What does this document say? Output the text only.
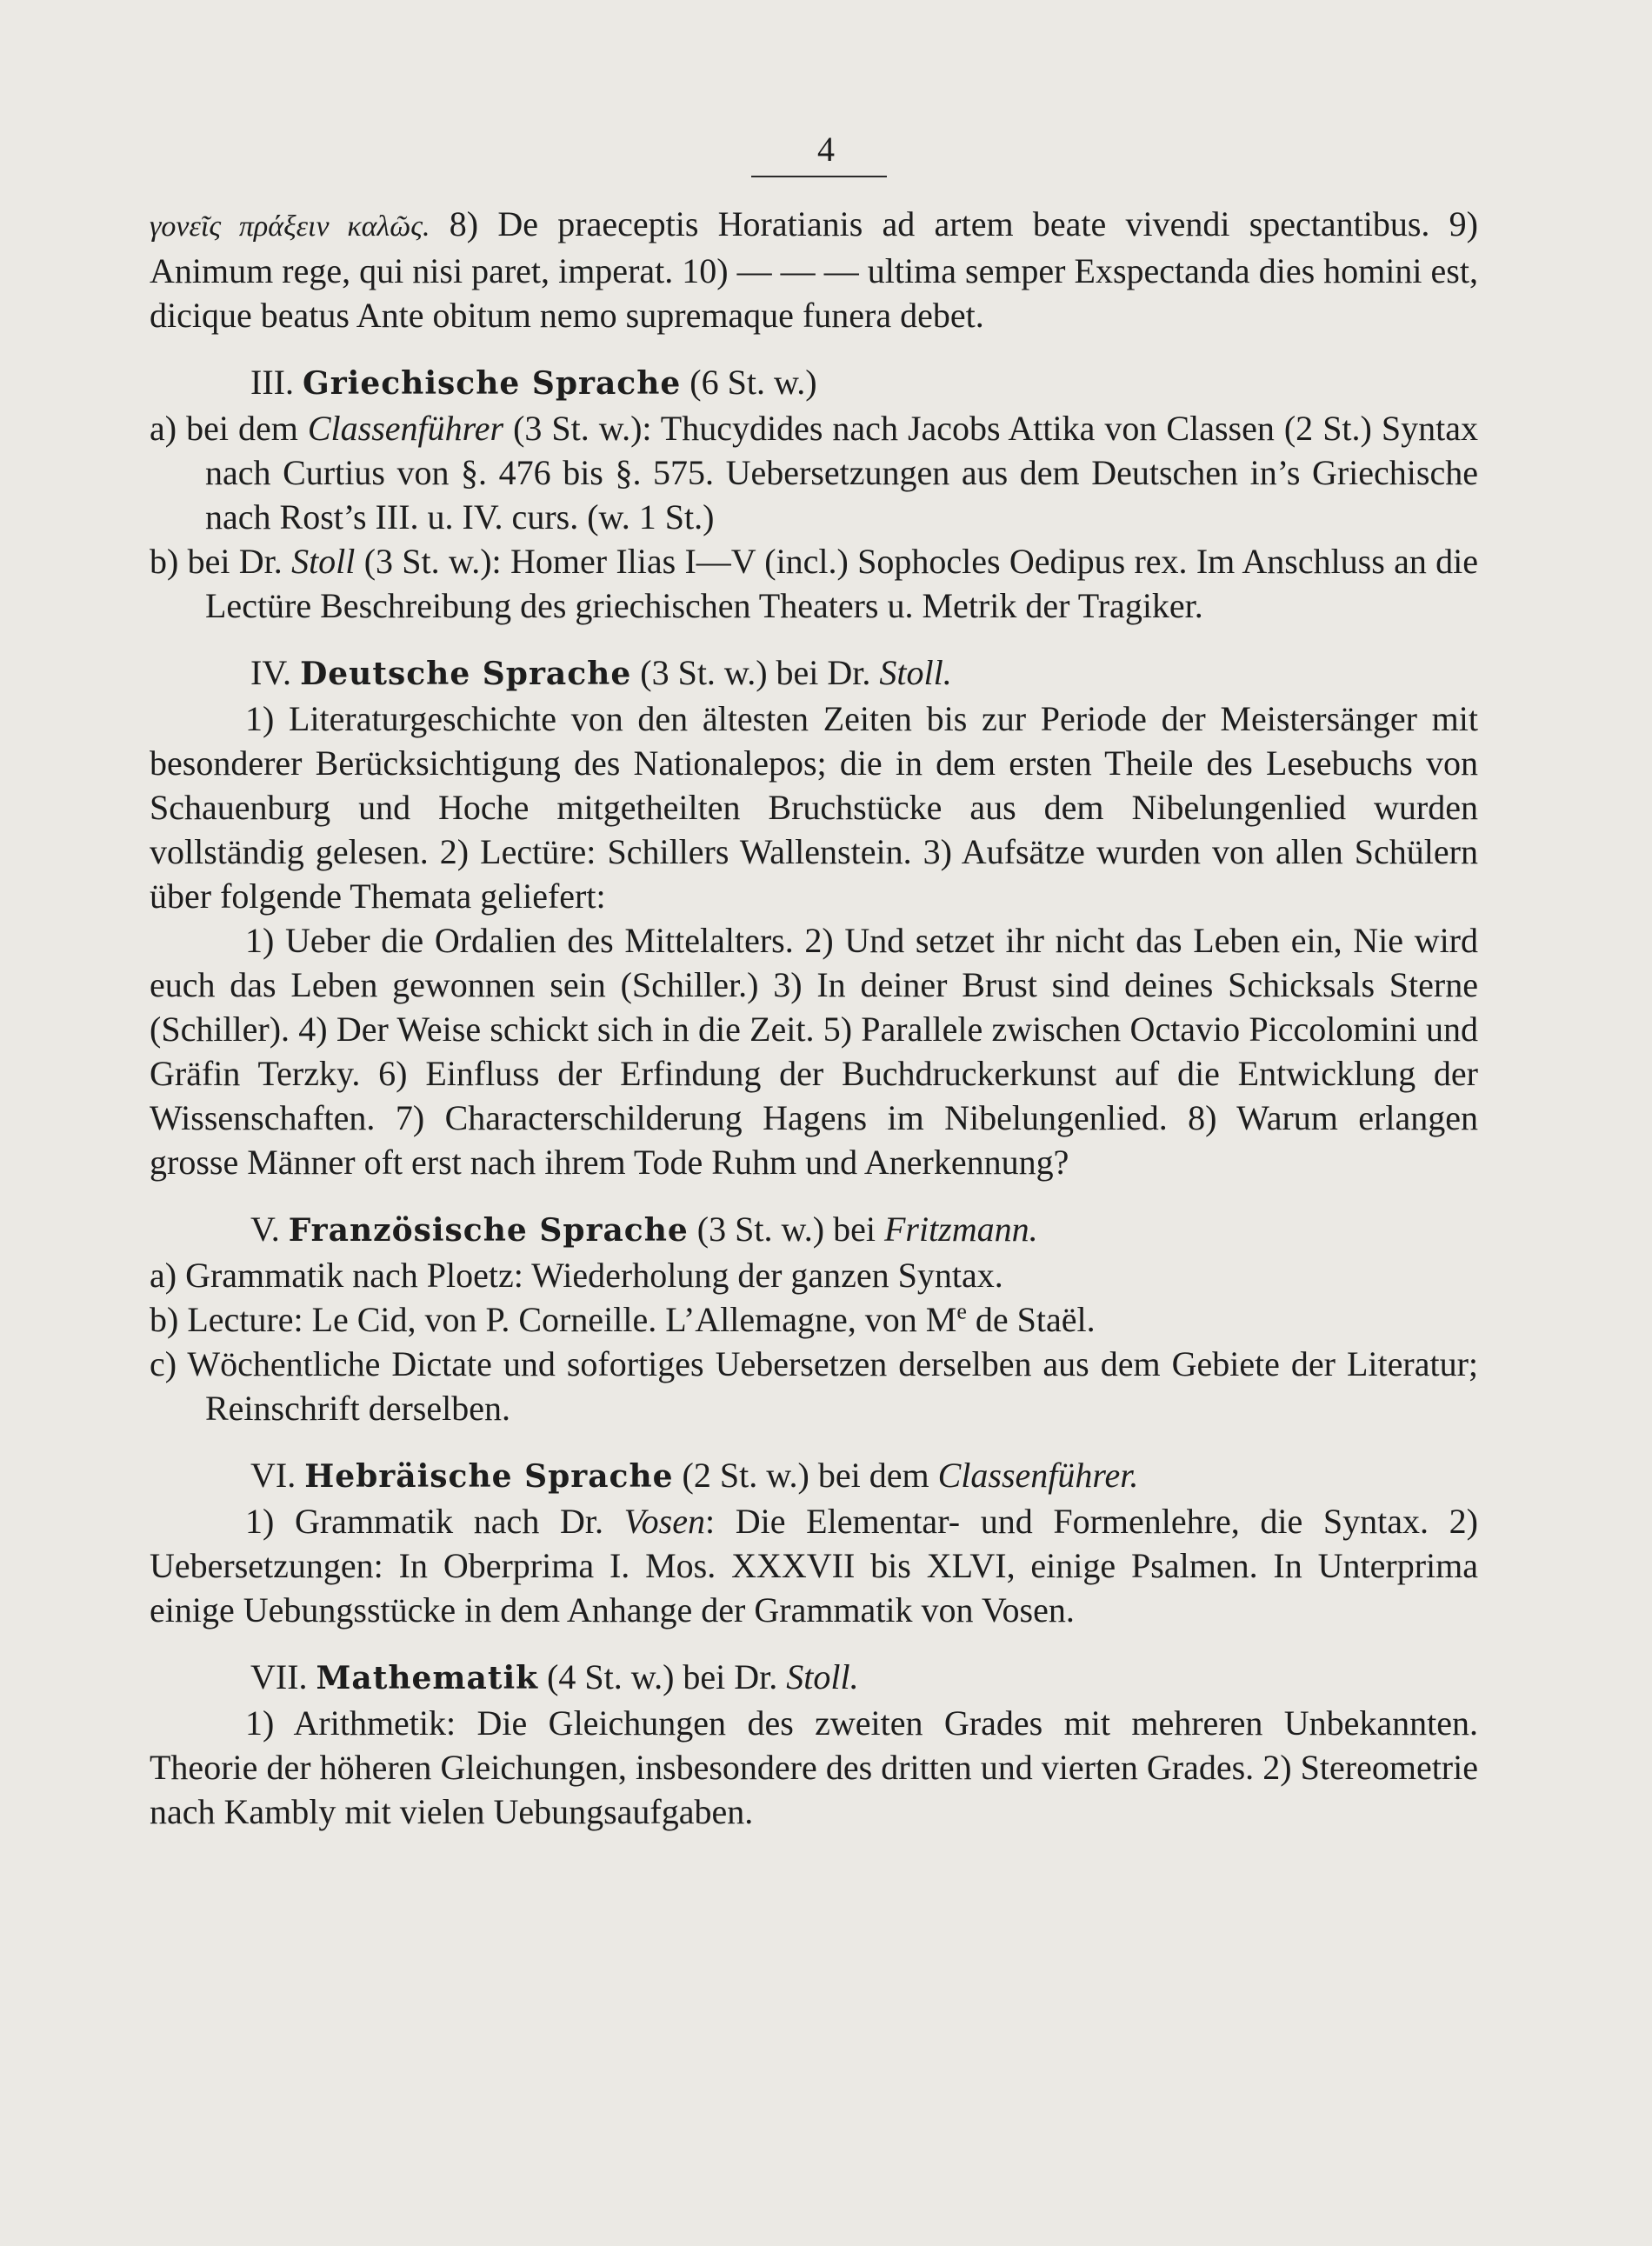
4

γονεῖς πράξειν καλῶς. 8) De praeceptis Horatianis ad artem beate vivendi spectantibus. 9) Animum rege, qui nisi paret, imperat. 10) — — — ultima semper Exspectanda dies homini est, dicique beatus Ante obitum nemo supremaque funera debet.

III. Griechische Sprache (6 St. w.)

a) bei dem Classenführer (3 St. w.): Thucydides nach Jacobs Attika von Classen (2 St.) Syntax nach Curtius von §. 476 bis §. 575. Uebersetzungen aus dem Deutschen in’s Griechische nach Rost’s III. u. IV. curs. (w. 1 St.)

b) bei Dr. Stoll (3 St. w.): Homer Ilias I—V (incl.) Sophocles Oedipus rex. Im Anschluss an die Lectüre Beschreibung des griechischen Theaters u. Metrik der Tragiker.

IV. Deutsche Sprache (3 St. w.) bei Dr. Stoll.

1) Literaturgeschichte von den ältesten Zeiten bis zur Periode der Meistersänger mit besonderer Berücksichtigung des Nationalepos; die in dem ersten Theile des Lesebuchs von Schauenburg und Hoche mitgetheilten Bruchstücke aus dem Nibelungenlied wurden vollständig gelesen. 2) Lectüre: Schillers Wallenstein. 3) Aufsätze wurden von allen Schülern über folgende Themata geliefert:

1) Ueber die Ordalien des Mittelalters. 2) Und setzet ihr nicht das Leben ein, Nie wird euch das Leben gewonnen sein (Schiller.) 3) In deiner Brust sind deines Schicksals Sterne (Schiller). 4) Der Weise schickt sich in die Zeit. 5) Parallele zwischen Octavio Piccolomini und Gräfin Terzky. 6) Einfluss der Erfindung der Buchdruckerkunst auf die Entwicklung der Wissenschaften. 7) Characterschilderung Hagens im Nibelungenlied. 8) Warum erlangen grosse Männer oft erst nach ihrem Tode Ruhm und Anerkennung?

V. Französische Sprache (3 St. w.) bei Fritzmann.

a) Grammatik nach Ploetz: Wiederholung der ganzen Syntax.

b) Lecture: Le Cid, von P. Corneille. L’Allemagne, von Me de Staël.

c) Wöchentliche Dictate und sofortiges Uebersetzen derselben aus dem Gebiete der Literatur; Reinschrift derselben.

VI. Hebräische Sprache (2 St. w.) bei dem Classenführer.

1) Grammatik nach Dr. Vosen: Die Elementar- und Formenlehre, die Syntax. 2) Uebersetzungen: In Oberprima I. Mos. XXXVII bis XLVI, einige Psalmen. In Unterprima einige Uebungsstücke in dem Anhange der Grammatik von Vosen.

VII. Mathematik (4 St. w.) bei Dr. Stoll.

1) Arithmetik: Die Gleichungen des zweiten Grades mit mehreren Unbekannten. Theorie der höheren Gleichungen, insbesondere des dritten und vierten Grades. 2) Stereometrie nach Kambly mit vielen Uebungsaufgaben.
